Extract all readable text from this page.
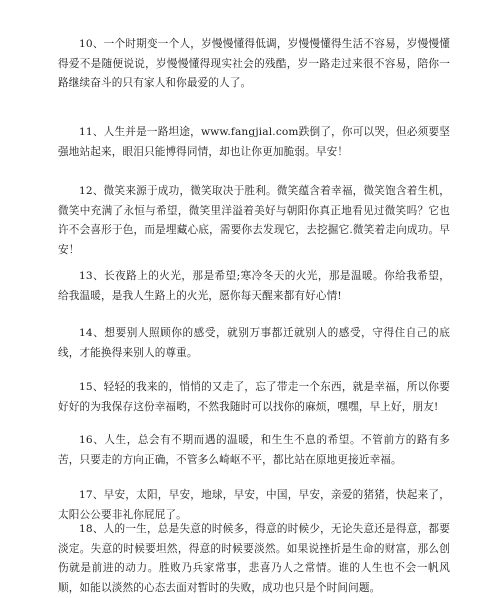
10、一个时期变一个人，岁慢慢懂得低调，岁慢慢懂得生活不容易，岁慢慢懂得爱不是随便说说，岁慢慢懂得现实社会的残酷，岁一路走过来很不容易，陪你一路继续奋斗的只有家人和你最爱的人了。

11、人生并是一路坦途，www.fangjial.com跌倒了，你可以哭，但必须要坚强地站起来，眼泪只能博得同情，却也让你更加脆弱。早安！

12、微笑来源于成功，微笑取决于胜利。微笑蕴含着幸福，微笑饱含着生机，微笑中充满了永恒与希望，微笑里洋溢着美好与朝阳你真正地看见过微笑吗？它也许不会喜形于色，而是埋藏心底，需要你去发现它，去挖掘它.微笑着走向成功。早安！

13、长夜路上的火光，那是希望;寒冷冬天的火光，那是温暖。你给我希望，给我温暖，是我人生路上的火光，愿你每天醒来都有好心情!

14、想要别人照顾你的感受，就别万事都迁就别人的感受，守得住自己的底线，才能换得来别人的尊重。

15、轻轻的我来的，悄悄的又走了，忘了带走一个东西，就是幸福，所以你要好好的为我保存这份幸福哟，不然我随时可以找你的麻烦，嘿嘿，早上好，朋友!

16、人生，总会有不期而遇的温暖，和生生不息的希望。不管前方的路有多苦，只要走的方向正确，不管多么崎岖不平，都比站在原地更接近幸福。

17、早安，太阳，早安，地球，早安，中国，早安，亲爱的猪猪，快起来了，太阳公公要非礼你屁屁了。

18、人的一生，总是失意的时候多，得意的时候少，无论失意还是得意，都要淡定。失意的时候要坦然，得意的时候要淡然。如果说挫折是生命的财富，那么创伤就是前进的动力。胜败乃兵家常事，悲喜乃人之常情。谁的人生也不会一帆风顺，如能以淡然的心态去面对暂时的失败，成功也只是个时间问题。
